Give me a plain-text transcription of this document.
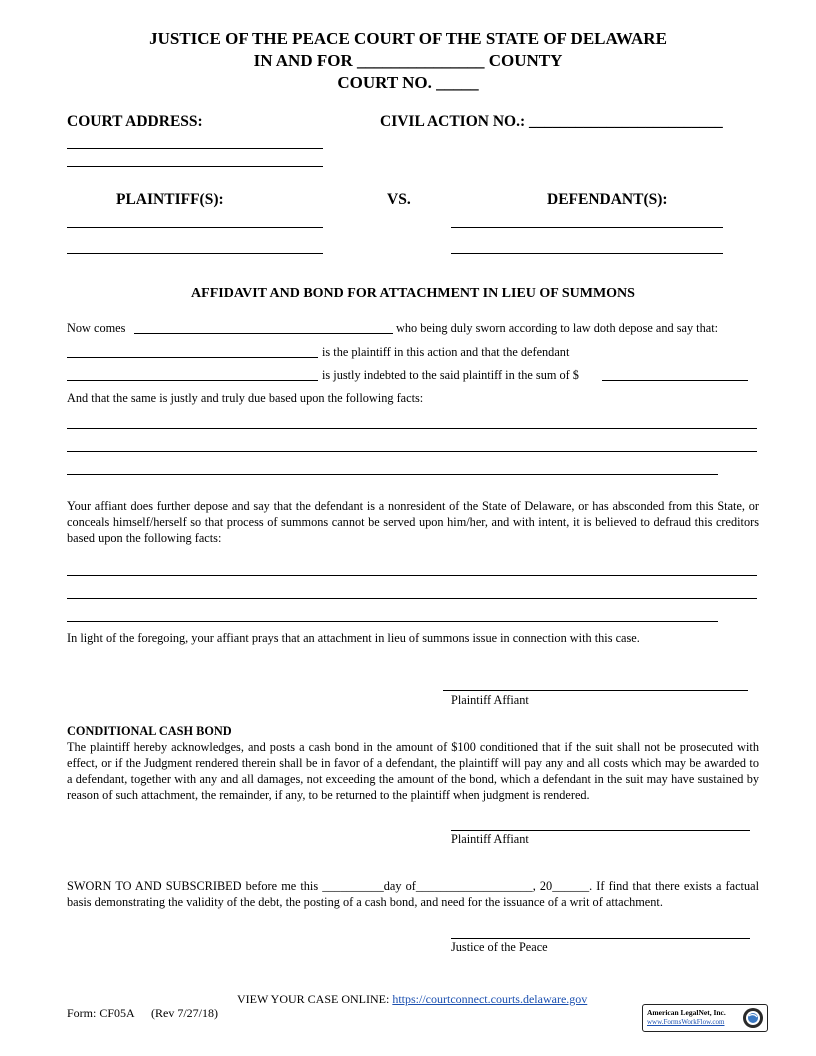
JUSTICE OF THE PEACE COURT OF THE STATE OF DELAWARE
IN AND FOR _______________ COUNTY
COURT NO. _____
COURT ADDRESS:	CIVIL ACTION NO.: _________________________
PLAINTIFF(S):	VS.	DEFENDANT(S):
AFFIDAVIT AND BOND FOR ATTACHMENT IN LIEU OF SUMMONS
Now comes	who being duly sworn according to law doth depose and say that:
is the plaintiff in this action and that the defendant
is justly indebted to the said plaintiff in the sum of $
And that the same is justly and truly due based upon the following facts:
Your affiant does further depose and say that the defendant is a nonresident of the State of Delaware, or has absconded from this State, or conceals himself/herself so that process of summons cannot be served upon him/her, and with intent, it is believed to defraud this creditors based upon the following facts:
In light of the foregoing, your affiant prays that an attachment in lieu of summons issue in connection with this case.
Plaintiff Affiant
CONDITIONAL CASH BOND
The plaintiff hereby acknowledges, and posts a cash bond in the amount of $100 conditioned that if the suit shall not be prosecuted with effect, or if the Judgment rendered therein shall be in favor of a defendant, the plaintiff will pay any and all costs which may be awarded to a defendant, together with any and all damages, not exceeding the amount of the bond, which a defendant in the suit may have sustained by reason of such attachment, the remainder, if any, to be returned to the plaintiff when judgment is rendered.
Plaintiff Affiant
SWORN TO AND SUBSCRIBED before me this __________day of___________________, 20______. If find that there exists a factual basis demonstrating the validity of the debt, the posting of a cash bond, and need for the issuance of a writ of attachment.
Justice of the Peace
VIEW YOUR CASE ONLINE: https://courtconnect.courts.delaware.gov
Form: CF05A (Rev 7/27/18)	American LegalNet, Inc.
www.FormsWorkFlow.com
